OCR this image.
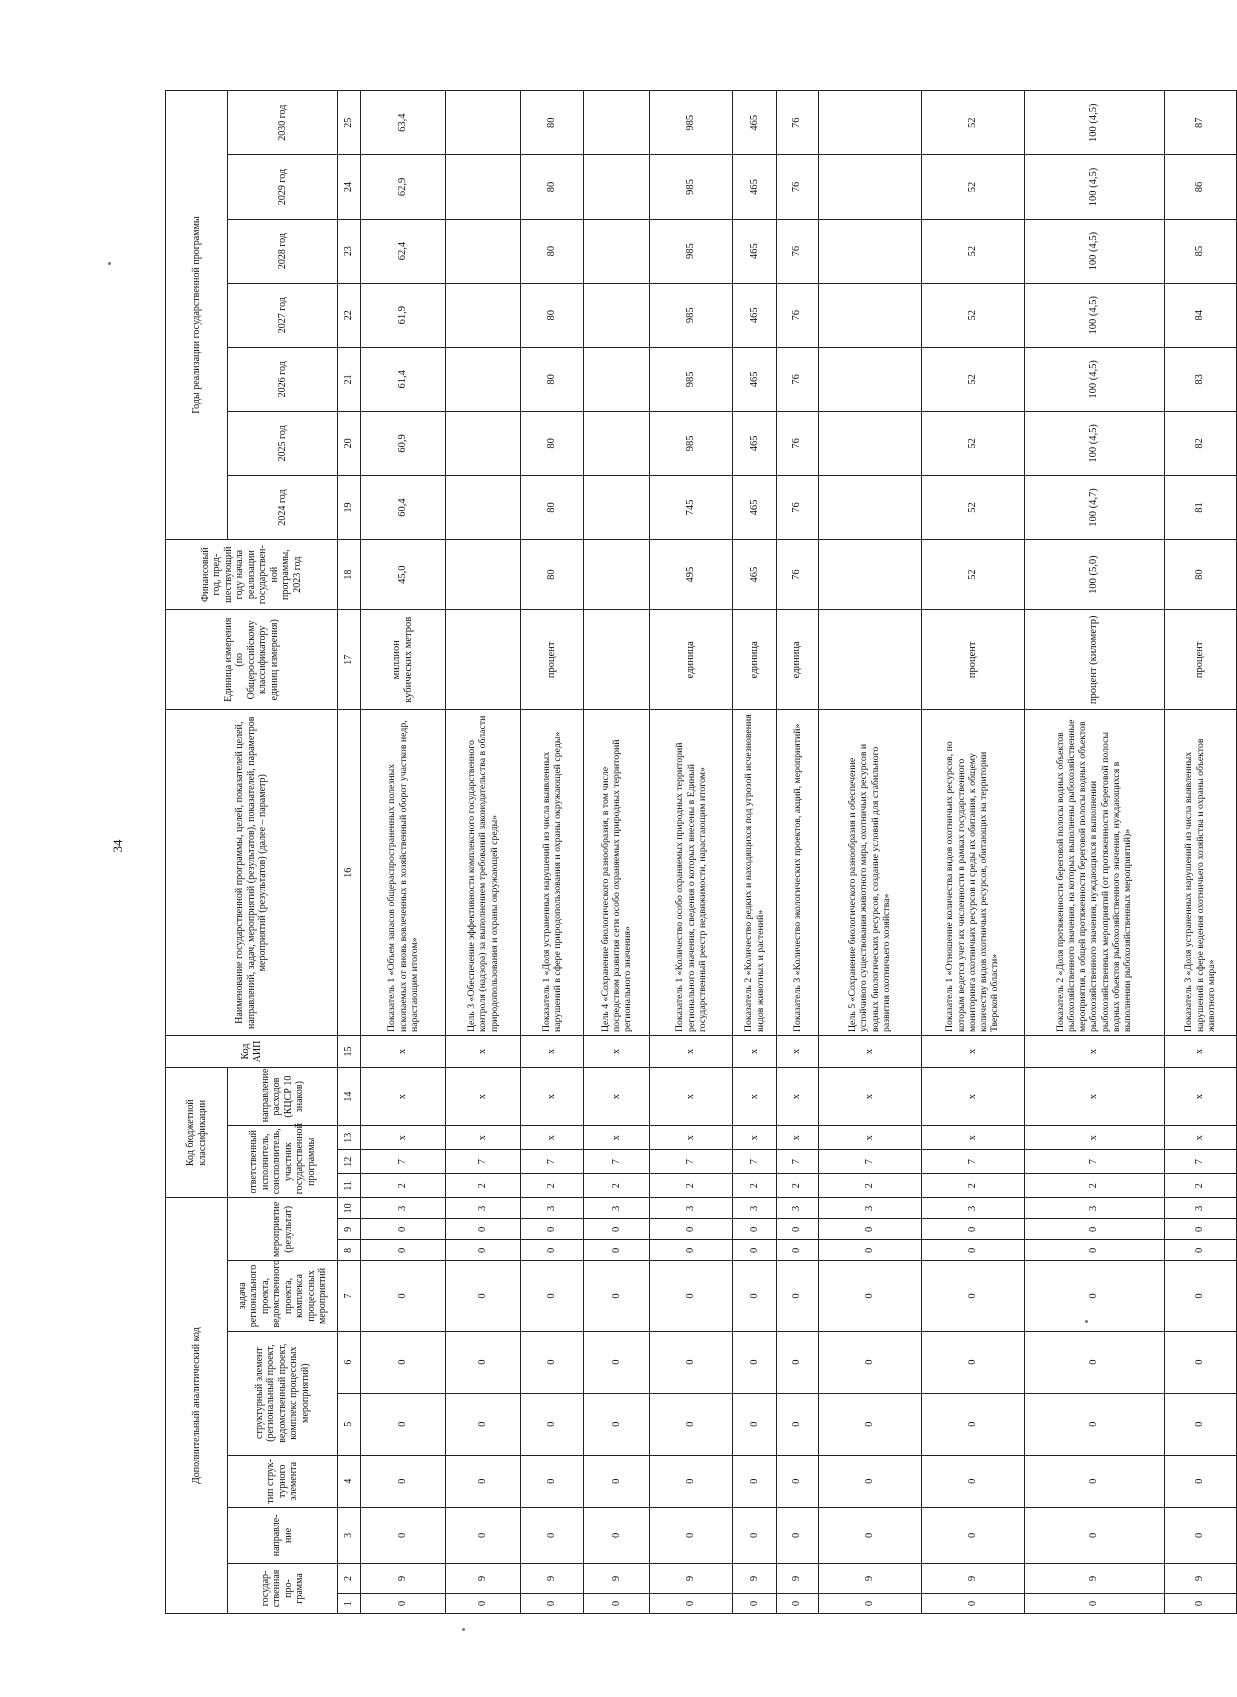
34
Дополнительный аналитический код										Код бюджетной классификации				Код АИП	Наименование государственной программы, целей, показателей целей, направлений, задач, мероприятий (результатов), показателей, параметров мероприятий (результатов) (далее – параметр)	Единица измерения (по Общероссийскому классификатору единиц измерения)	Финансовый год, пред-шествующий году начала реализации государствен-ной программы, 2023 год	Годы реализации государственной программы						
государ-ственная про-грамма		направле-ние	тип струк-турного элемента	структурный элемент (региональный проект, ведомственный проект, комплекс процессных мероприятий)		задача регионального проекта, ведомственного проекта, комплекса процессных мероприятий	мероприятие (результат)			ответственный исполнитель, соисполнитель, участник государственной программы			направление расходов (КЦСР 10 знаков)					2024 год	2025 год	2026 год	2027 год	2028 год	2029 год	2030 год
1	2	3	4	5	6	7	8	9	10	11	12	13	14	15	16	17	18	19	20	21	22	23	24	25
0	9	0	0	0	0	0	0	0	3	2	7	х	х	х	Показатель 1 «Объем запасов общераспространенных полезных ископаемых от вновь вовлеченных в хозяйственный оборот участков недр, нарастающим итогом»	миллион кубических метров	45,0	60,4	60,9	61,4	61,9	62,4	62,9	63,4
0	9	0	0	0	0	0	0	0	3	2	7	х	х	х	Цель 3 «Обеспечение эффективности комплексного государственного контроля (надзора) за выполнением требований законодательства в области природопользования и охраны окружающей среды»									
0	9	0	0	0	0	0	0	0	3	2	7	х	х	х	Показатель 1 «Доля устраненных нарушений из числа выявленных нарушений в сфере природопользования и охраны окружающей среды»	процент	80	80	80	80	80	80	80	80
0	9	0	0	0	0	0	0	0	3	2	7	х	х	х	Цель 4 «Сохранение биологического разнообразия, в том числе посредством развития сети особо охраняемых природных территорий регионального значения»									
0	9	0	0	0	0	0	0	0	3	2	7	х	х	х	Показатель 1 «Количество особо охраняемых природных территорий регионального значения, сведения о которых внесены в Единый государственный реестр недвижимости, нарастающим итогом»	единица	495	745	985	985	985	985	985	985
0	9	0	0	0	0	0	0	0	3	2	7	х	х	х	Показатель 2 «Количество редких и находящихся под угрозой исчезновения видов животных и растений»	единица	465	465	465	465	465	465	465	465
0	9	0	0	0	0	0	0	0	3	2	7	х	х	х	Показатель 3 «Количество экологических проектов, акций, мероприятий»	единица	76	76	76	76	76	76	76	76
0	9	0	0	0	0	0	0	0	3	2	7	х	х	х	Цель 5 «Сохранение биологического разнообразия и обеспечение устойчивого существования животного мира, охотничьих ресурсов и водных биологических ресурсов, создание условий для стабильного развития охотничьего хозяйства»									
0	9	0	0	0	0	0	0	0	3	2	7	х	х	х	Показатель 1 «Отношение количества видов охотничьих ресурсов, по которым ведется учет их численности в рамках государственного мониторинга охотничьих ресурсов и среды их обитания, к общему количеству видов охотничьих ресурсов, обитающих на территории Тверской области»	процент	52	52	52	52	52	52	52	52
0	9	0	0	0	0	0	0	0	3	2	7	х	х	х	Показатель 2 «Доля протяженности береговой полосы водных объектов рыбохозяйственного значения, на которых выполнены рыбохозяйственные мероприятия, в общей протяженности береговой полосы водных объектов рыбохозяйственного значения, нуждающихся в выполнении рыбохозяйственных мероприятий (от протяженности береговой полосы водных объектов рыбохозяйственного значения, нуждающихся в выполнении рыбохозяйственных мероприятий)»	процент (километр)	100 (5,0)	100 (4,7)	100 (4,5)	100 (4,5)	100 (4,5)	100 (4,5)	100 (4,5)	100 (4,5)
0	9	0	0	0	0	0	0	0	3	2	7	х	х	х	Показатель 3 «Доля устраненных нарушений из числа выявленных нарушений в сфере ведения охотничьего хозяйства и охраны объектов животного мира»	процент	80	81	82	83	84	85	86	87
